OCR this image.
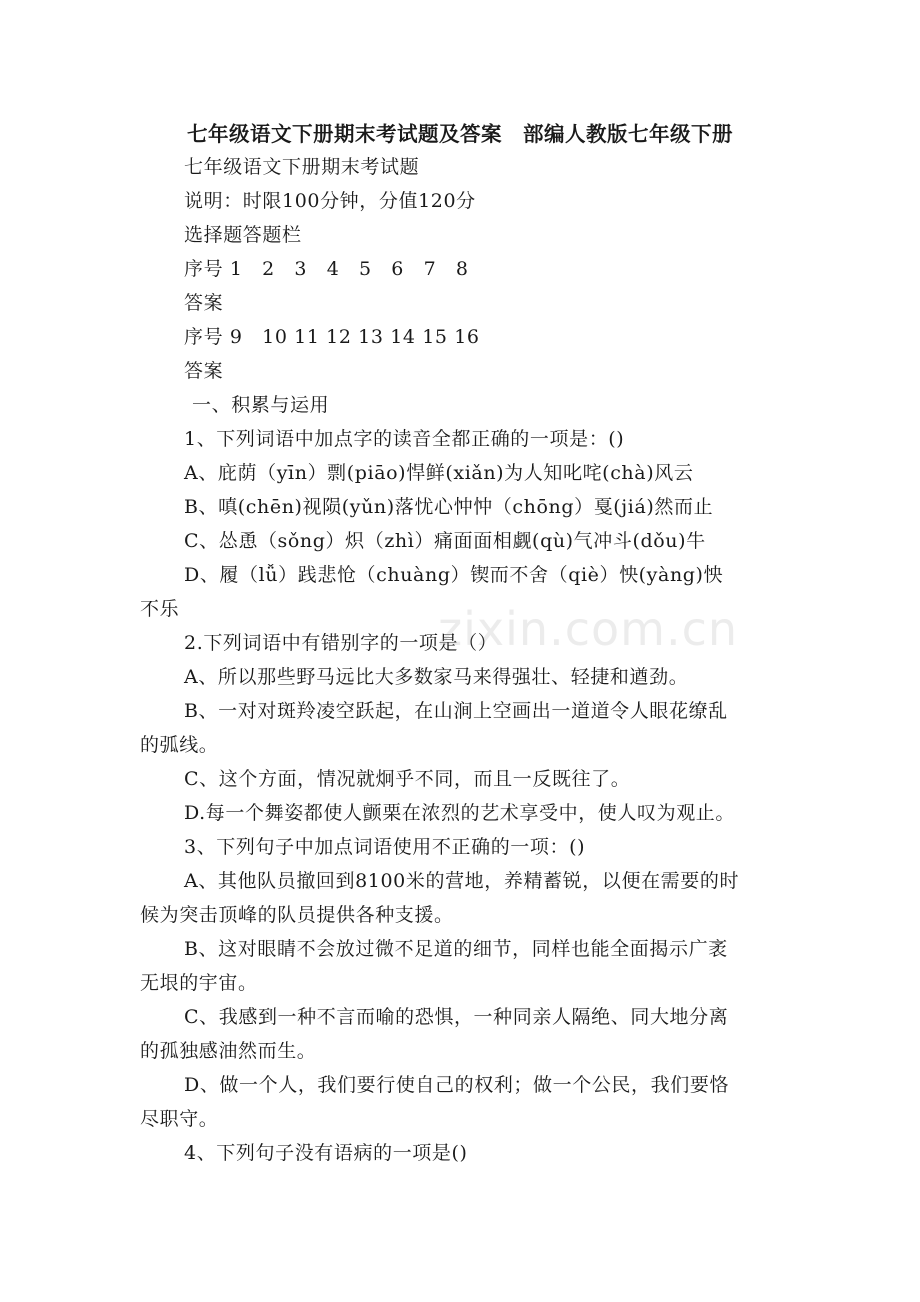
七年级语文下册期末考试题及答案　部编人教版七年级下册
七年级语文下册期末考试题
说明：时限100分钟，分值120分
选择题答题栏
序号 1　2　3　4　5　6　7　8
答案
序号 9　10 11 12 13 14 15 16
答案
一、积累与运用
1、下列词语中加点字的读音全都正确的一项是：()
A、庇荫（yīn）剽(piāo)悍鲜(xiǎn)为人知叱咤(chà)风云
B、嗔(chēn)视陨(yǔn)落忧心忡忡（chōng）戛(jiá)然而止
C、怂恿（sǒng）炽（zhì）痛面面相觑(qù)气冲斗(dǒu)牛
D、履（lǚ）践悲怆（chuàng）锲而不舍（qiè）怏(yàng)怏
不乐
2.下列词语中有错别字的一项是（）
A、所以那些野马远比大多数家马来得强壮、轻捷和遒劲。
B、一对对斑羚凌空跃起，在山涧上空画出一道道令人眼花缭乱
的弧线。
C、这个方面，情况就炯乎不同，而且一反既往了。
D.每一个舞姿都使人颤栗在浓烈的艺术享受中，使人叹为观止。
3、下列句子中加点词语使用不正确的一项：()
A、其他队员撤回到8100米的营地，养精蓄锐，以便在需要的时
候为突击顶峰的队员提供各种支援。
B、这对眼睛不会放过微不足道的细节，同样也能全面揭示广袤
无垠的宇宙。
C、我感到一种不言而喻的恐惧，一种同亲人隔绝、同大地分离
的孤独感油然而生。
D、做一个人，我们要行使自己的权利；做一个公民，我们要恪
尽职守。
4、下列句子没有语病的一项是()
zixin.com.cn
